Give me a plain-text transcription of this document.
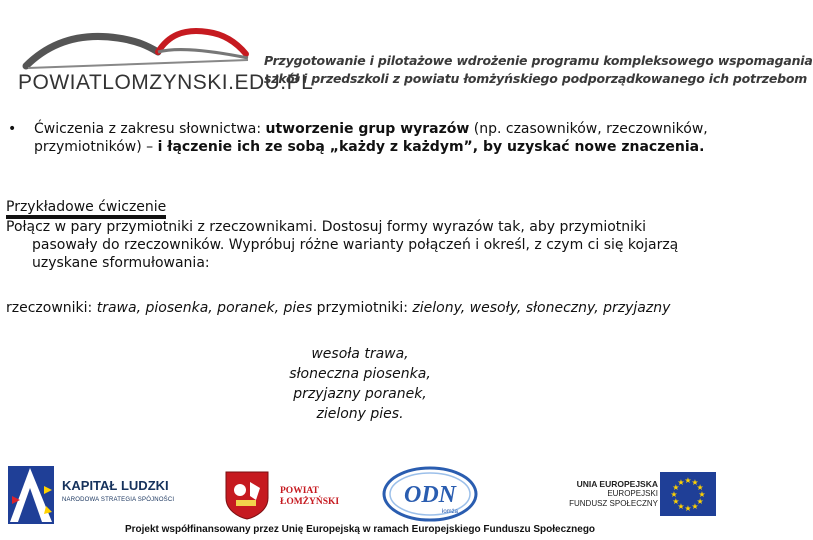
POWIATLOMZYNSKI.EDU.PL
Przygotowanie i pilotażowe wdrożenie programu kompleksowego wspomagania
szkół i przedszkoli z powiatu łomżyńskiego podporządkowanego ich potrzebom
• Ćwiczenia z zakresu słownictwa: utworzenie grup wyrazów (np. czasowników, rzeczowników, przymiotników) – i łączenie ich ze sobą „każdy z każdym”, by uzyskać nowe znaczenia.
Przykładowe ćwiczenie
Połącz w pary przymiotniki z rzeczownikami. Dostosuj formy wyrazów tak, aby przymiotniki
pasowały do rzeczowników. Wypróbuj różne warianty połączeń i określ, z czym ci się kojarzą uzyskane sformułowania:
rzeczowniki: trawa, piosenka, poranek, pies przymiotniki: zielony, wesoły, słoneczny, przyjazny
wesoła trawa,
słoneczna piosenka,
przyjazny poranek,
zielony pies.
KAPITAŁ LUDZKI
NARODOWA STRATEGIA SPÓJNOŚCI
POWIAT
ŁOMŻYŃSKI	ODN
łomża
UNIA EUROPEJSKA
EUROPEJSKI
FUNDUSZ SPOŁECZNY
★
★
★
★
★
★
★
★
★ ★ ★
★
Projekt współfinansowany przez Unię Europejską w ramach Europejskiego Funduszu Społecznego
